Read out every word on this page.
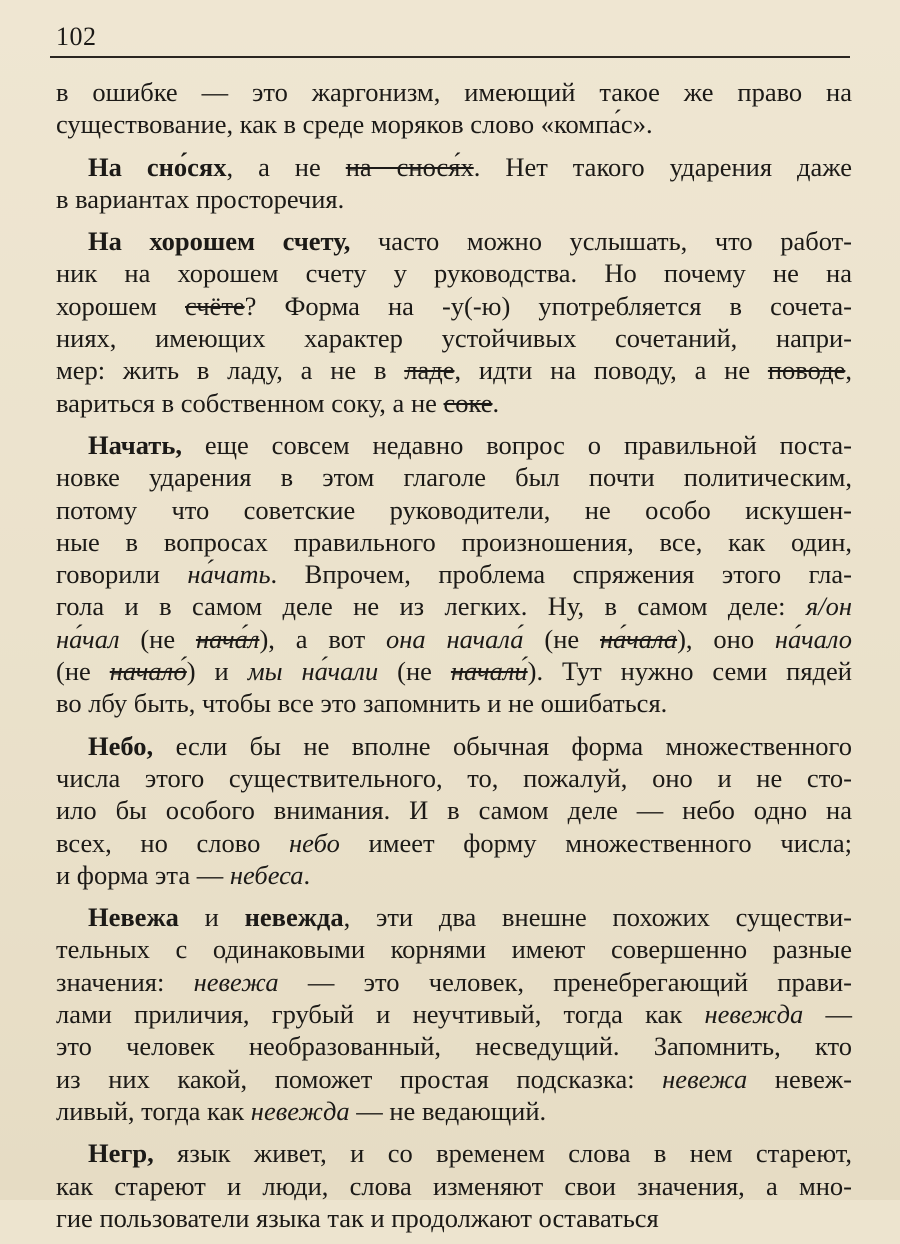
102
в ошибке — это жаргонизм, имеющий такое же право на
существование, как в среде моряков слово «компа́с».
На сно́сях, а не на снося́х. Нет такого ударения даже
в вариантах просторечия.
На хорошем счету, часто можно услышать, что работ-
ник на хорошем счету у руководства. Но почему не на
хорошем счёте? Форма на -у(-ю) употребляется в сочета-
ниях, имеющих характер устойчивых сочетаний, напри-
мер: жить в ладу, а не в ладе, идти на поводу, а не поводе,
вариться в собственном соку, а не соке.
Начать, еще совсем недавно вопрос о правильной поста-
новке ударения в этом глаголе был почти политическим,
потому что советские руководители, не особо искушен-
ные в вопросах правильного произношения, все, как один,
говорили на́чать. Впрочем, проблема спряжения этого гла-
гола и в самом деле не из легких. Ну, в самом деле: я/он
на́чал (не нача́л), а вот она начала́ (не на́чала), оно на́чало
(не начало́) и мы на́чали (не начали́). Тут нужно семи пядей
во лбу быть, чтобы все это запомнить и не ошибаться.
Небо, если бы не вполне обычная форма множественного
числа этого существительного, то, пожалуй, оно и не сто-
ило бы особого внимания. И в самом деле — небо одно на
всех, но слово небо имеет форму множественного числа;
и форма эта — небеса.
Невежа и невежда, эти два внешне похожих существи-
тельных с одинаковыми корнями имеют совершенно разные
значения: невежа — это человек, пренебрегающий прави-
лами приличия, грубый и неучтивый, тогда как невежда —
это человек необразованный, несведущий. Запомнить, кто
из них какой, поможет простая подсказка: невежа невеж-
ливый, тогда как невежда — не ведающий.
Негр, язык живет, и со временем слова в нем стареют,
как стареют и люди, слова изменяют свои значения, а мно-
гие пользователи языка так и продолжают оставаться
